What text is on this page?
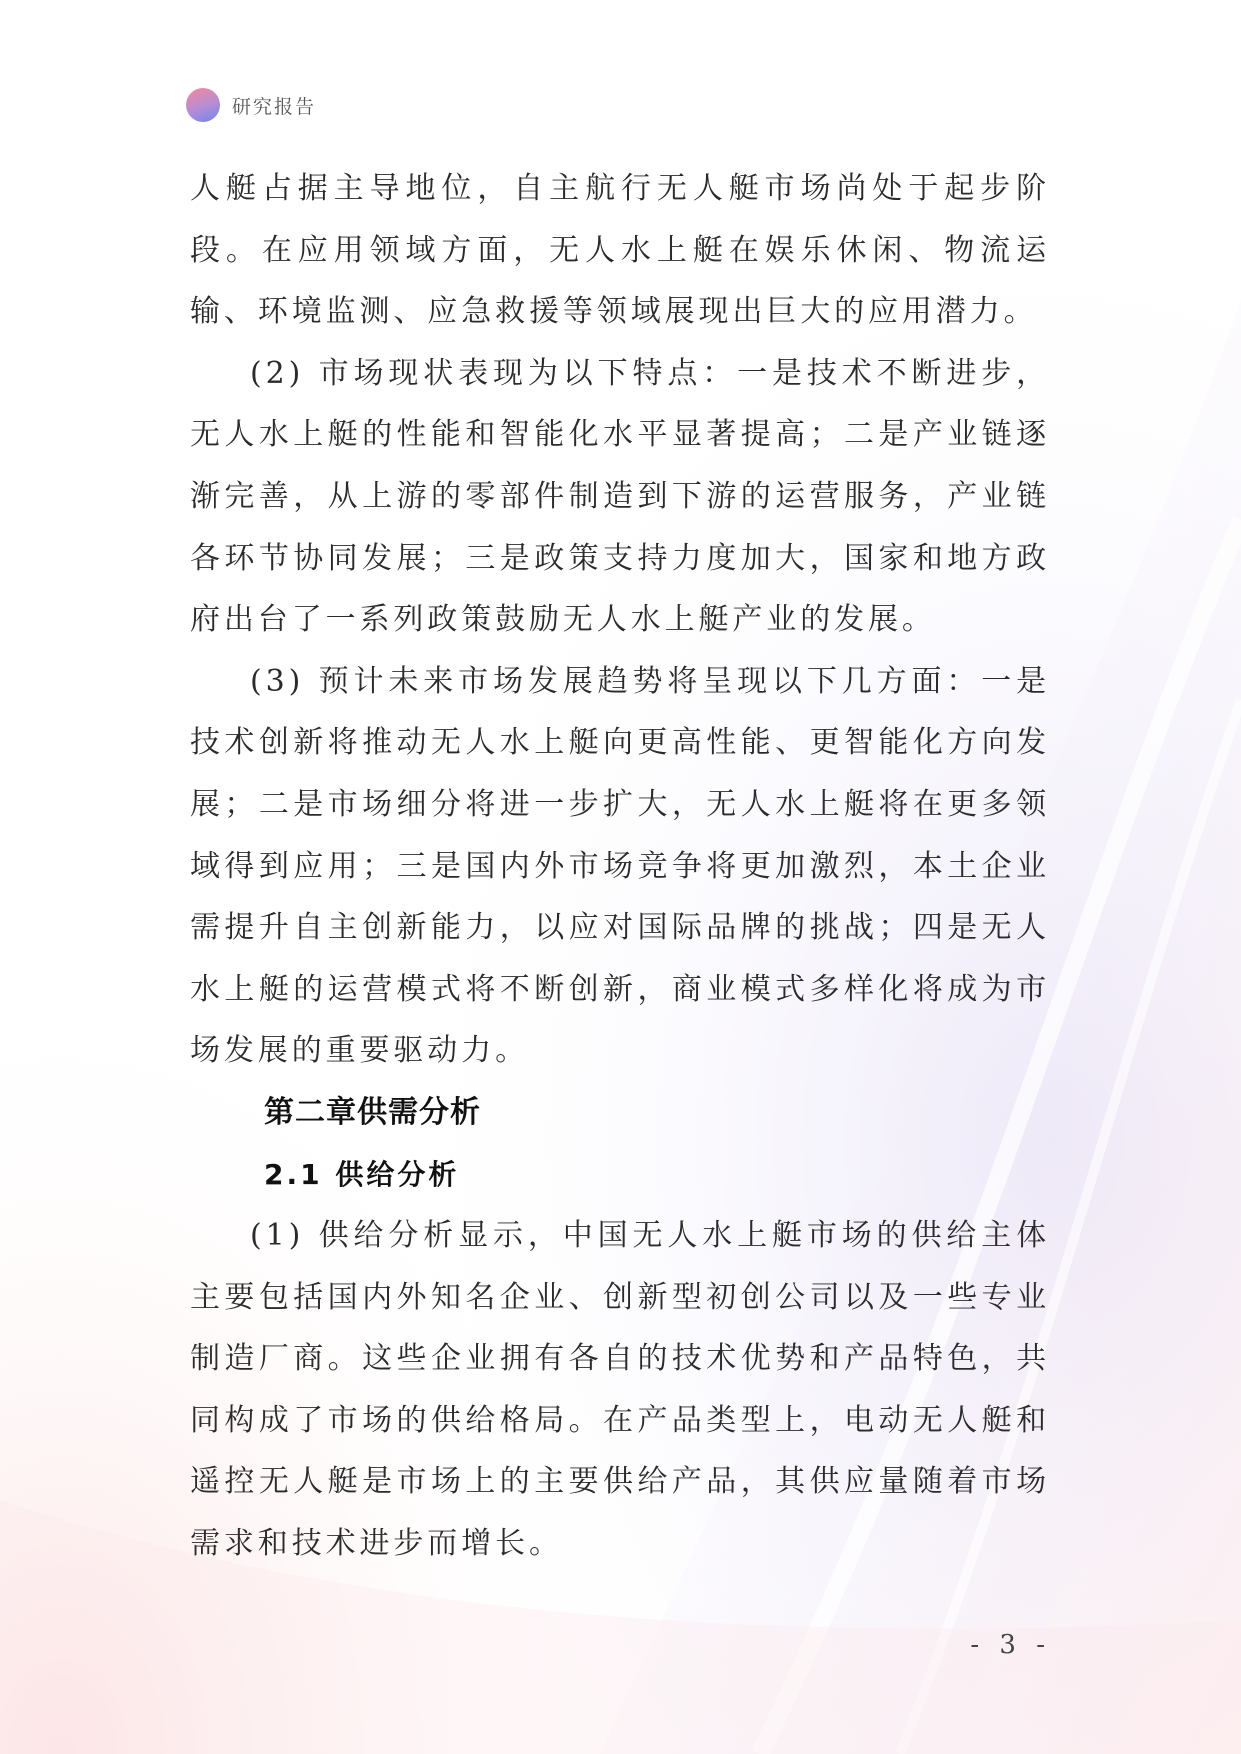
研究报告

人艇占据主导地位，自主航行无人艇市场尚处于起步阶段。在应用领域方面，无人水上艇在娱乐休闲、物流运输、环境监测、应急救援等领域展现出巨大的应用潜力。

(2) 市场现状表现为以下特点：一是技术不断进步，无人水上艇的性能和智能化水平显著提高；二是产业链逐渐完善，从上游的零部件制造到下游的运营服务，产业链各环节协同发展；三是政策支持力度加大，国家和地方政府出台了一系列政策鼓励无人水上艇产业的发展。

(3) 预计未来市场发展趋势将呈现以下几方面：一是技术创新将推动无人水上艇向更高性能、更智能化方向发展；二是市场细分将进一步扩大，无人水上艇将在更多领域得到应用；三是国内外市场竞争将更加激烈，本土企业需提升自主创新能力，以应对国际品牌的挑战；四是无人水上艇的运营模式将不断创新，商业模式多样化将成为市场发展的重要驱动力。

第二章供需分析
2.1 供给分析

(1) 供给分析显示，中国无人水上艇市场的供给主体主要包括国内外知名企业、创新型初创公司以及一些专业制造厂商。这些企业拥有各自的技术优势和产品特色，共同构成了市场的供给格局。在产品类型上，电动无人艇和遥控无人艇是市场上的主要供给产品，其供应量随着市场需求和技术进步而增长。

- 3 -
